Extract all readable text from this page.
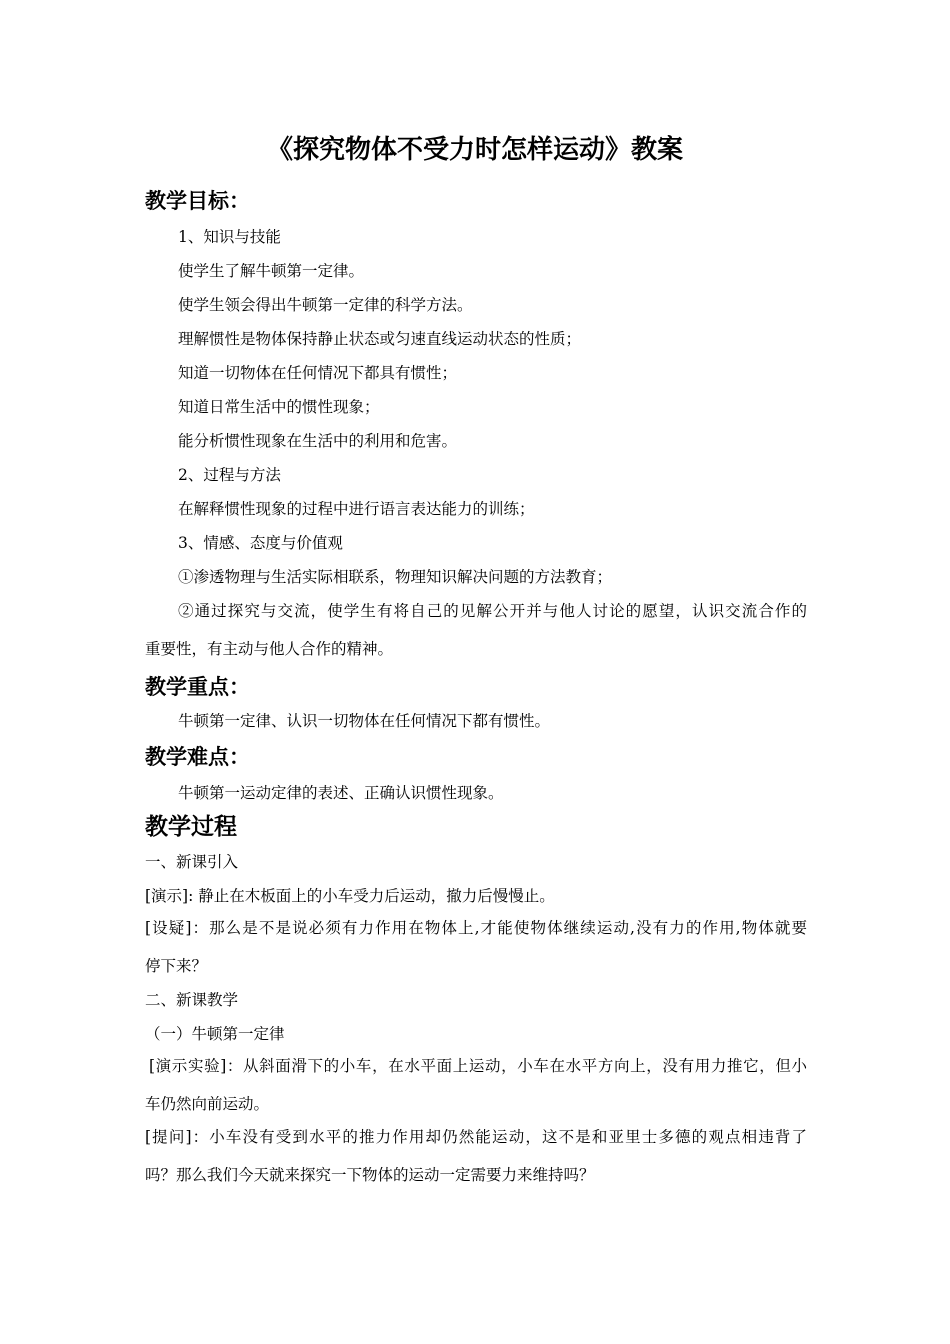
《探究物体不受力时怎样运动》教案
教学目标：

1、知识与技能

使学生了解牛顿第一定律。

使学生领会得出牛顿第一定律的科学方法。

理解惯性是物体保持静止状态或匀速直线运动状态的性质；

知道一切物体在任何情况下都具有惯性；

知道日常生活中的惯性现象；

能分析惯性现象在生活中的利用和危害。

2、过程与方法

在解释惯性现象的过程中进行语言表达能力的训练；

3、情感、态度与价值观

①渗透物理与生活实际相联系，物理知识解决问题的方法教育；

②通过探究与交流，使学生有将自己的见解公开并与他人讨论的愿望，认识交流合作的

重要性，有主动与他人合作的精神。

教学重点：

牛顿第一定律、认识一切物体在任何情况下都有惯性。

教学难点：

牛顿第一运动定律的表述、正确认识惯性现象。

教学过程

一、新课引入

[演示]: 静止在木板面上的小车受力后运动，撤力后慢慢止。

[设疑]：那么是不是说必须有力作用在物体上,才能使物体继续运动,没有力的作用,物体就要

停下来？

二、新课教学

（一）牛顿第一定律

[演示实验]：从斜面滑下的小车，在水平面上运动，小车在水平方向上，没有用力推它，但小

车仍然向前运动。

[提问]：小车没有受到水平的推力作用却仍然能运动，这不是和亚里士多德的观点相违背了

吗？那么我们今天就来探究一下物体的运动一定需要力来维持吗？
